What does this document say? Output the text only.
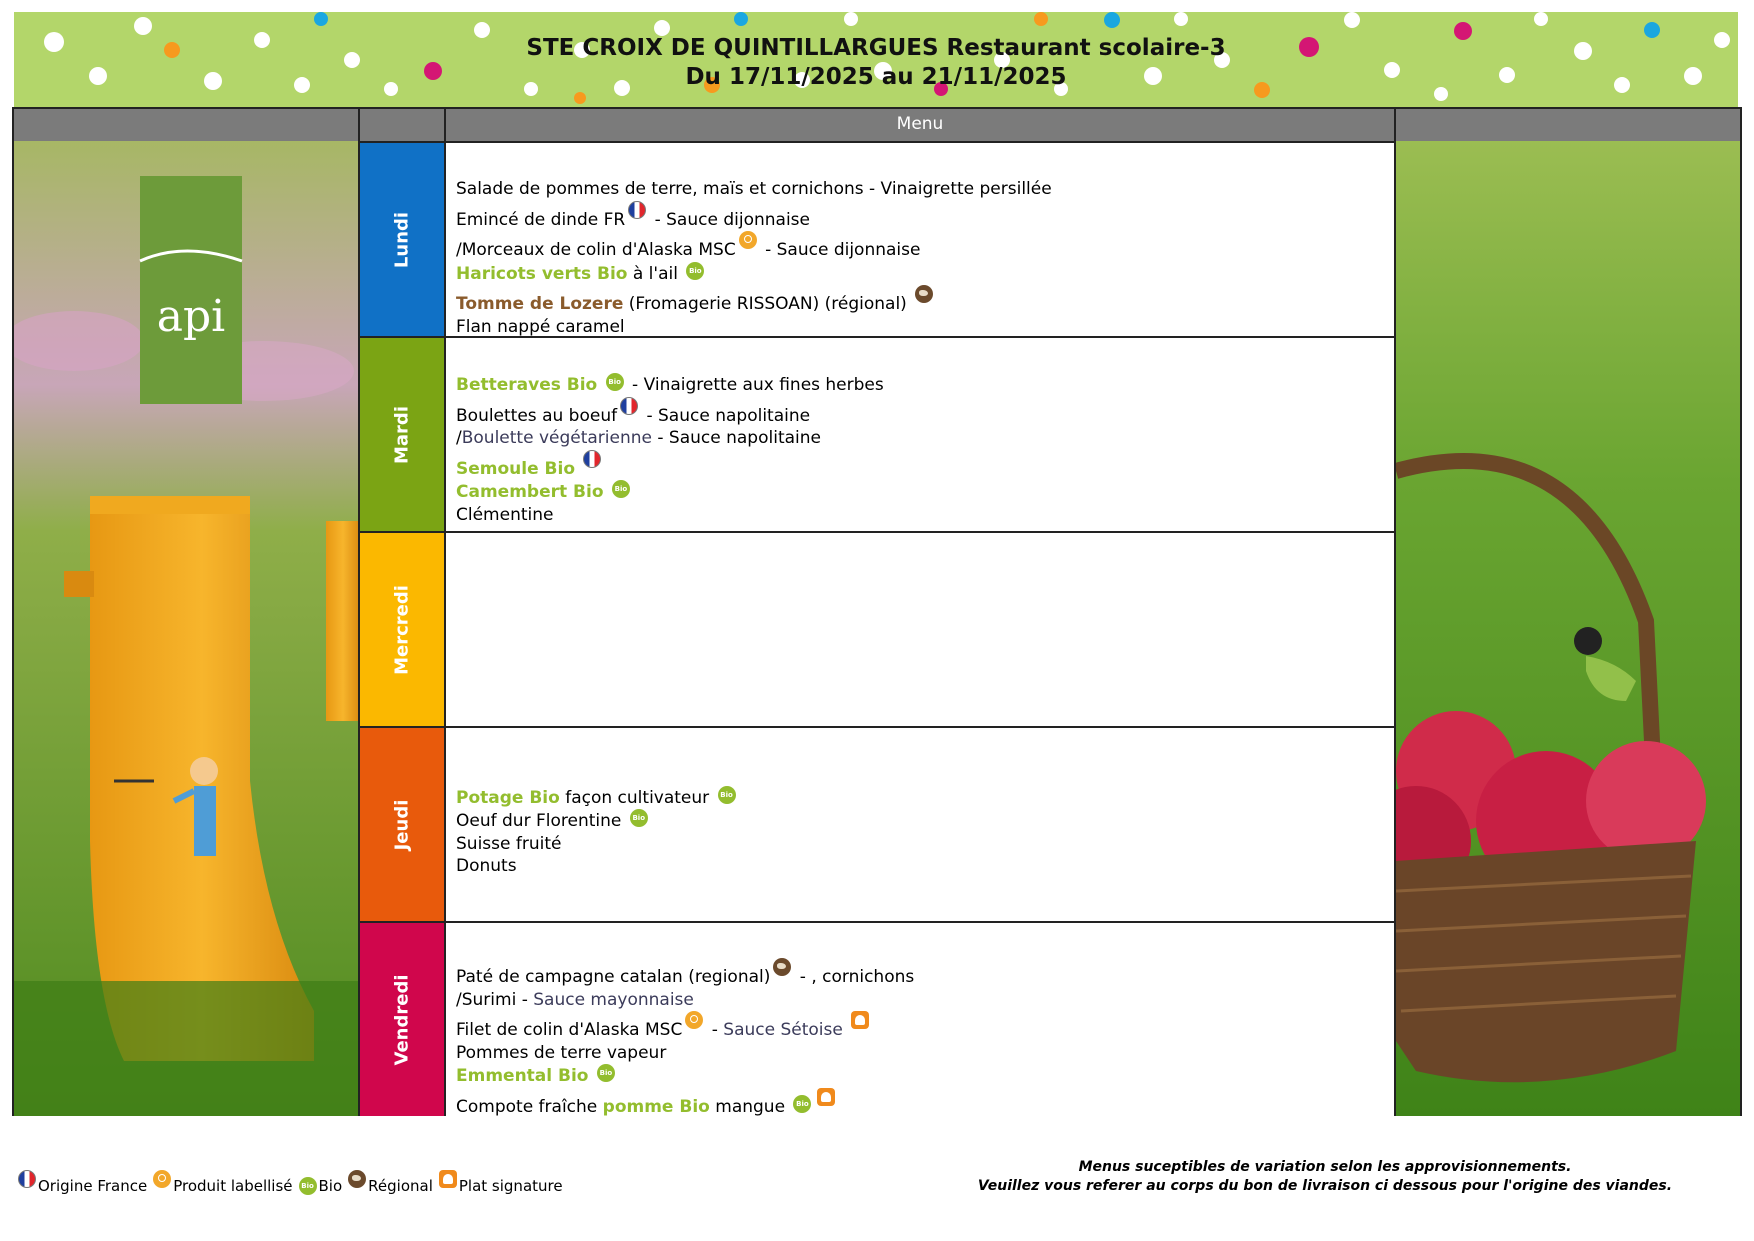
STE CROIX DE QUINTILLARGUES Restaurant scolaire-3
Du 17/11/2025 au 21/11/2025
Menu
api
Lundi
Salade de pommes de terre, maïs et cornichons - Vinaigrette persillée
Emincé de dinde FR - Sauce dijonnaise
/Morceaux de colin d'Alaska MSC - Sauce dijonnaise
Haricots verts Bio à l'ail Bio
Tomme de Lozere (Fromagerie RISSOAN) (régional)
Flan nappé caramel
Mardi
Betteraves Bio Bio - Vinaigrette aux fines herbes
Boulettes au boeuf - Sauce napolitaine
/Boulette végétarienne - Sauce napolitaine
Semoule Bio
Camembert Bio Bio
Clémentine
Mercredi
Jeudi
Potage Bio façon cultivateur Bio
Oeuf dur Florentine Bio
Suisse fruité
Donuts
Vendredi	Paté de campagne catalan (regional) - , cornichons
/Surimi - Sauce mayonnaise
Filet de colin d'Alaska MSC - Sauce Sétoise
Pommes de terre vapeur
Emmental Bio Bio
Compote fraîche pomme Bio mangue Bio
Origine France Produit labellisé Bio Bio Régional Plat signature
Menus suceptibles de variation selon les approvisionnements.
Veuillez vous referer au corps du bon de livraison ci dessous pour l'origine des viandes.
